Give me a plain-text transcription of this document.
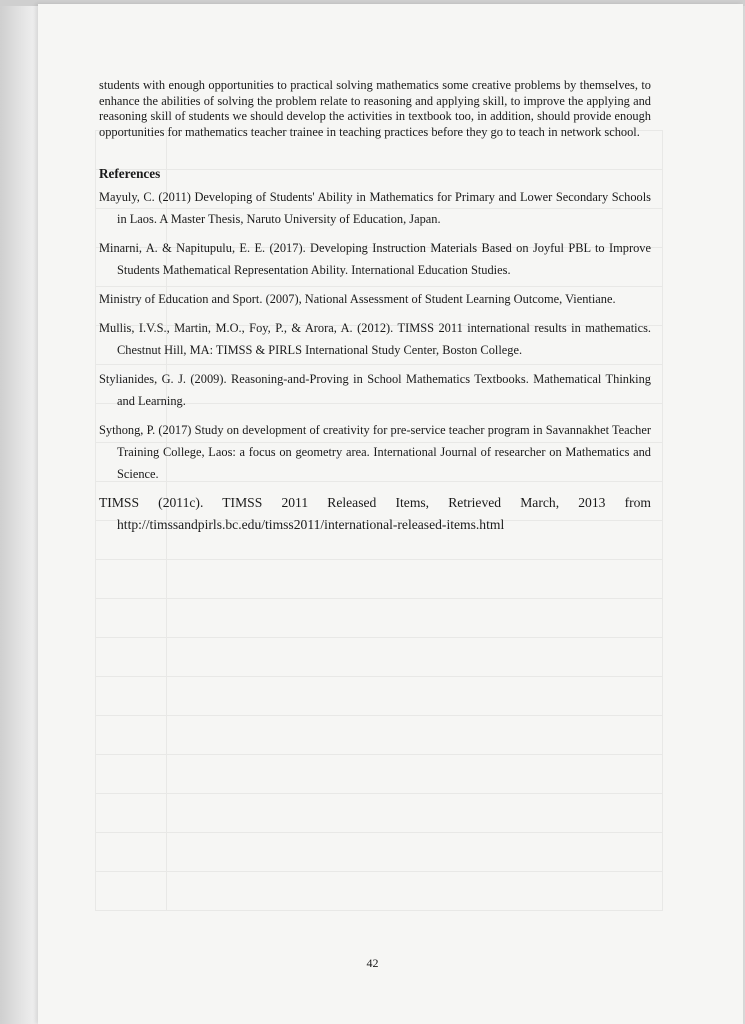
students with enough opportunities to practical solving mathematics some creative problems by themselves, to enhance the abilities of solving the problem relate to reasoning and applying skill, to improve the applying and reasoning skill of students we should develop the activities in textbook too, in addition, should provide enough opportunities for mathematics teacher trainee in teaching practices before they go to teach in network school.

References
Mayuly, C. (2011) Developing of Students' Ability in Mathematics for Primary and Lower Secondary Schools in Laos. A Master Thesis, Naruto University of Education, Japan.
Minarni, A. & Napitupulu, E. E. (2017). Developing Instruction Materials Based on Joyful PBL to Improve Students Mathematical Representation Ability. International Education Studies.
Ministry of Education and Sport. (2007), National Assessment of Student Learning Outcome, Vientiane.
Mullis, I.V.S., Martin, M.O., Foy, P., & Arora, A. (2012). TIMSS 2011 international results in mathematics. Chestnut Hill, MA: TIMSS & PIRLS International Study Center, Boston College.
Stylianides, G. J. (2009). Reasoning-and-Proving in School Mathematics Textbooks. Mathematical Thinking and Learning.
Sythong, P. (2017) Study on development of creativity for pre-service teacher program in Savannakhet Teacher Training College, Laos: a focus on geometry area. International Journal of researcher on Mathematics and Science.
TIMSS (2011c). TIMSS 2011 Released Items, Retrieved March, 2013 from http://timssandpirls.bc.edu/timss2011/international-released-items.html
42
